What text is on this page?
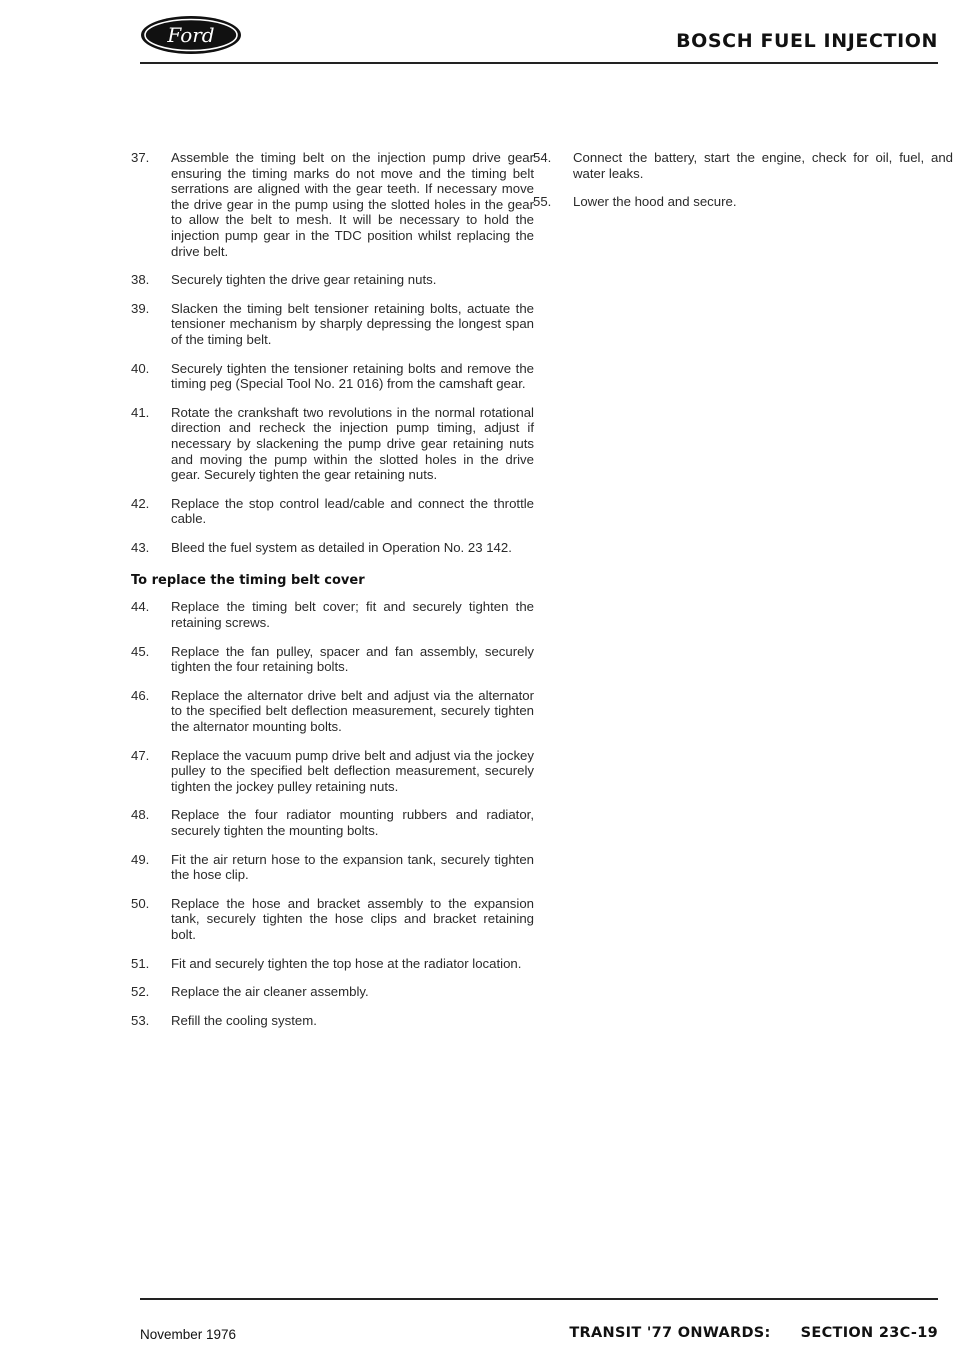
Ford	BOSCH FUEL INJECTION
37. Assemble the timing belt on the injection pump drive gear ensuring the timing marks do not move and the timing belt serrations are aligned with the gear teeth. If necessary move the drive gear in the pump using the slotted holes in the gear to allow the belt to mesh. It will be necessary to hold the injection pump gear in the TDC position whilst replacing the drive belt.
38. Securely tighten the drive gear retaining nuts.
39. Slacken the timing belt tensioner retaining bolts, actuate the tensioner mechanism by sharply depressing the longest span of the timing belt.
40. Securely tighten the tensioner retaining bolts and remove the timing peg (Special Tool No. 21 016) from the camshaft gear.
41. Rotate the crankshaft two revolutions in the normal rotational direction and recheck the injection pump timing, adjust if necessary by slackening the pump drive gear retaining nuts and moving the pump within the slotted holes in the drive gear. Securely tighten the gear retaining nuts.
42. Replace the stop control lead/cable and connect the throttle cable.
43. Bleed the fuel system as detailed in Operation No. 23 142.
To replace the timing belt cover
44. Replace the timing belt cover; fit and securely tighten the retaining screws.
45. Replace the fan pulley, spacer and fan assembly, securely tighten the four retaining bolts.
46. Replace the alternator drive belt and adjust via the alternator to the specified belt deflection measurement, securely tighten the alternator mounting bolts.
47. Replace the vacuum pump drive belt and adjust via the jockey pulley to the specified belt deflection measurement, securely tighten the jockey pulley retaining nuts.
48. Replace the four radiator mounting rubbers and radiator, securely tighten the mounting bolts.
49. Fit the air return hose to the expansion tank, securely tighten the hose clip.
50. Replace the hose and bracket assembly to the expansion tank, securely tighten the hose clips and bracket retaining bolt.
51. Fit and securely tighten the top hose at the radiator location.
52. Replace the air cleaner assembly.
53. Refill the cooling system.
54. Connect the battery, start the engine, check for oil, fuel, and water leaks.
55. Lower the hood and secure.
November 1976	TRANSIT '77 ONWARDS: SECTION 23C-19
